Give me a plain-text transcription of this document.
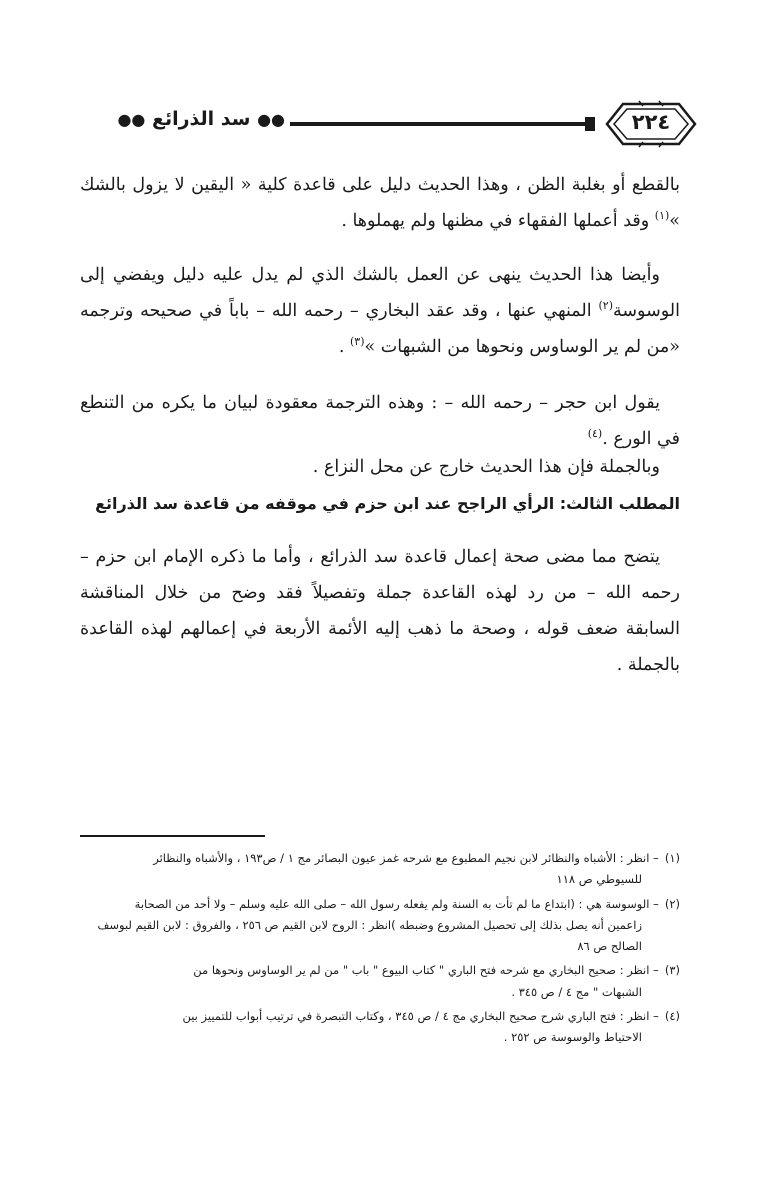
●● سد الذرائع ●●	٢٢٤
بالقطع أو بغلبة الظن ، وهذا الحديث دليل على قاعدة كلية « اليقين لا يزول بالشك »$^{(١)}$ وقد أعملها الفقهاء في مظنها ولم يهملوها .
وأيضا هذا الحديث ينهى عن العمل بالشك الذي لم يدل عليه دليل ويفضي إلى الوسوسة$^{(٢)}$ المنهي عنها ، وقد عقد البخاري – رحمه الله – باباً في صحيحه وترجمه «من لم ير الوساوس ونحوها من الشبهات »$^{(٣)}$ .
يقول ابن حجر – رحمه الله – : وهذه الترجمة معقودة لبيان ما يكره من التنطع في الورع .$^{(٤)}$
وبالجملة فإن هذا الحديث خارج عن محل النزاع .
المطلب الثالث: الرأي الراجح عند ابن حزم في موقفه من قاعدة سد الذرائع
يتضح مما مضى صحة إعمال قاعدة سد الذرائع ، وأما ما ذكره الإمام ابن حزم – رحمه الله – من رد لهذه القاعدة جملة وتفصيلاً فقد وضح من خلال المناقشة السابقة ضعف قوله ، وصحة ما ذهب إليه الأئمة الأربعة في إعمالهم لهذه القاعدة بالجملة .
(١)– انظر : الأشباه والنظائر لابن نجيم المطبوع مع شرحه غمز عيون البصائر مج ١ / ص١٩٣ ، والأشباه والنظائر
للسيوطي ص ١١٨
(٢)– الوسوسة هي : (ابتداع ما لم تأت به السنة ولم يفعله رسول الله – صلى الله عليه وسلم – ولا أحد من الصحابة
زاعمين أنه يصل بذلك إلى تحصيل المشروع وضبطه )انظر : الروح لابن القيم ص ٢٥٦ ، والفروق : لابن القيم لبوسف الصالح ص ٨٦
(٣)– انظر : صحيح البخاري مع شرحه فتح الباري " كتاب البيوع " باب " من لم ير الوساوس ونحوها من
الشبهات " مج ٤ / ص ٣٤٥ .
(٤)– انظر : فتح الباري شرح صحيح البخاري مج ٤ / ص ٣٤٥ ، وكتاب التبصرة في ترتيب أبواب للتمييز بين
الاحتياط والوسوسة ص ٢٥٢ .
